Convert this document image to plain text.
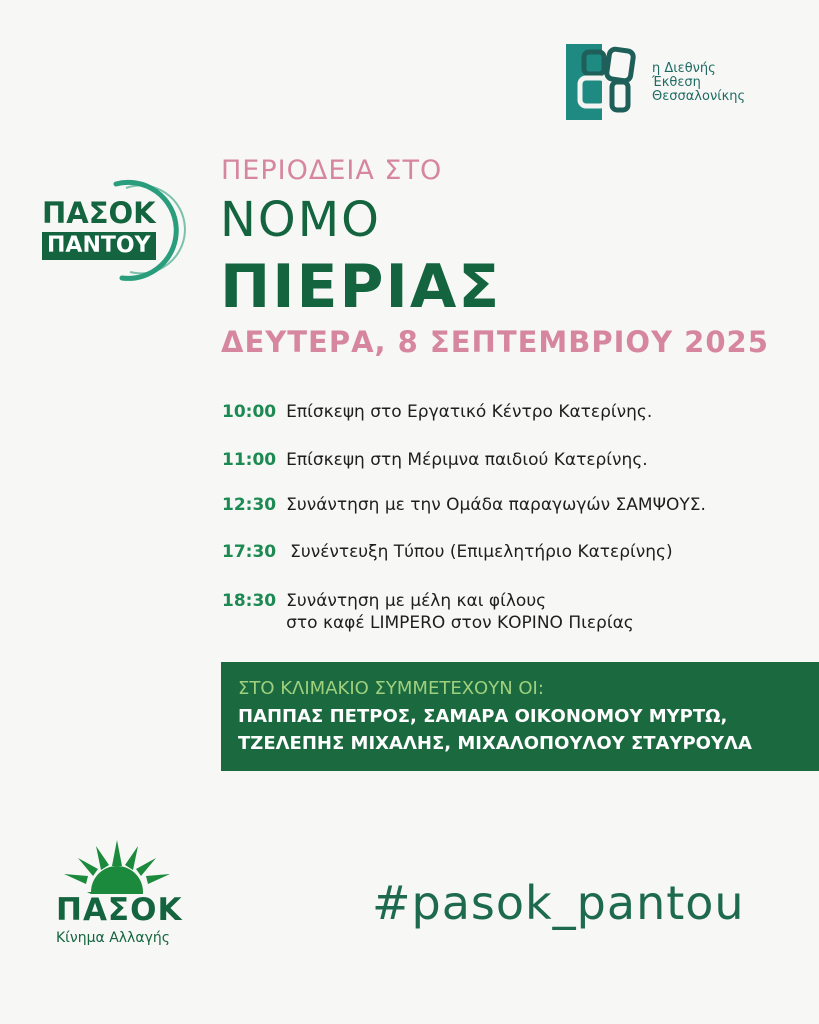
η Διεθνής
Έκθεση
Θεσσαλονίκης
ΠΑΣΟΚ
ΠΑΝΤΟΥ
ΠΕΡΙΟΔΕΙΑ ΣΤΟ
ΝΟΜΟ
ΠΙΕΡΙΑΣ
ΔΕΥΤΕΡΑ, 8 ΣΕΠΤΕΜΒΡΙΟΥ 2025
10:00 Επίσκεψη στο Εργατικό Κέντρο Κατερίνης.
11:00 Επίσκεψη στη Μέριμνα παιδιού Κατερίνης.
12:30 Συνάντηση με την Ομάδα παραγωγών ΣΑΜΨΟΥΣ.
17:30 Συνέντευξη Τύπου (Επιμελητήριο Κατερίνης)
18:30 Συνάντηση με μέλη και φίλους
στο καφέ LIMPERO στον ΚΟΡΙΝΟ Πιερίας
ΣΤΟ ΚΛΙΜΑΚΙΟ ΣΥΜΜΕΤΕΧΟΥΝ ΟΙ:
ΠΑΠΠΑΣ ΠΕΤΡΟΣ, ΣΑΜΑΡΑ ΟΙΚΟΝΟΜΟΥ ΜΥΡΤΩ,
ΤΖΕΛΕΠΗΣ ΜΙΧΑΛΗΣ, ΜΙΧΑΛΟΠΟΥΛΟΥ ΣΤΑΥΡΟΥΛΑ
ΠΑΣΟΚ
Κίνημα Αλλαγής
#pasok_pantou
